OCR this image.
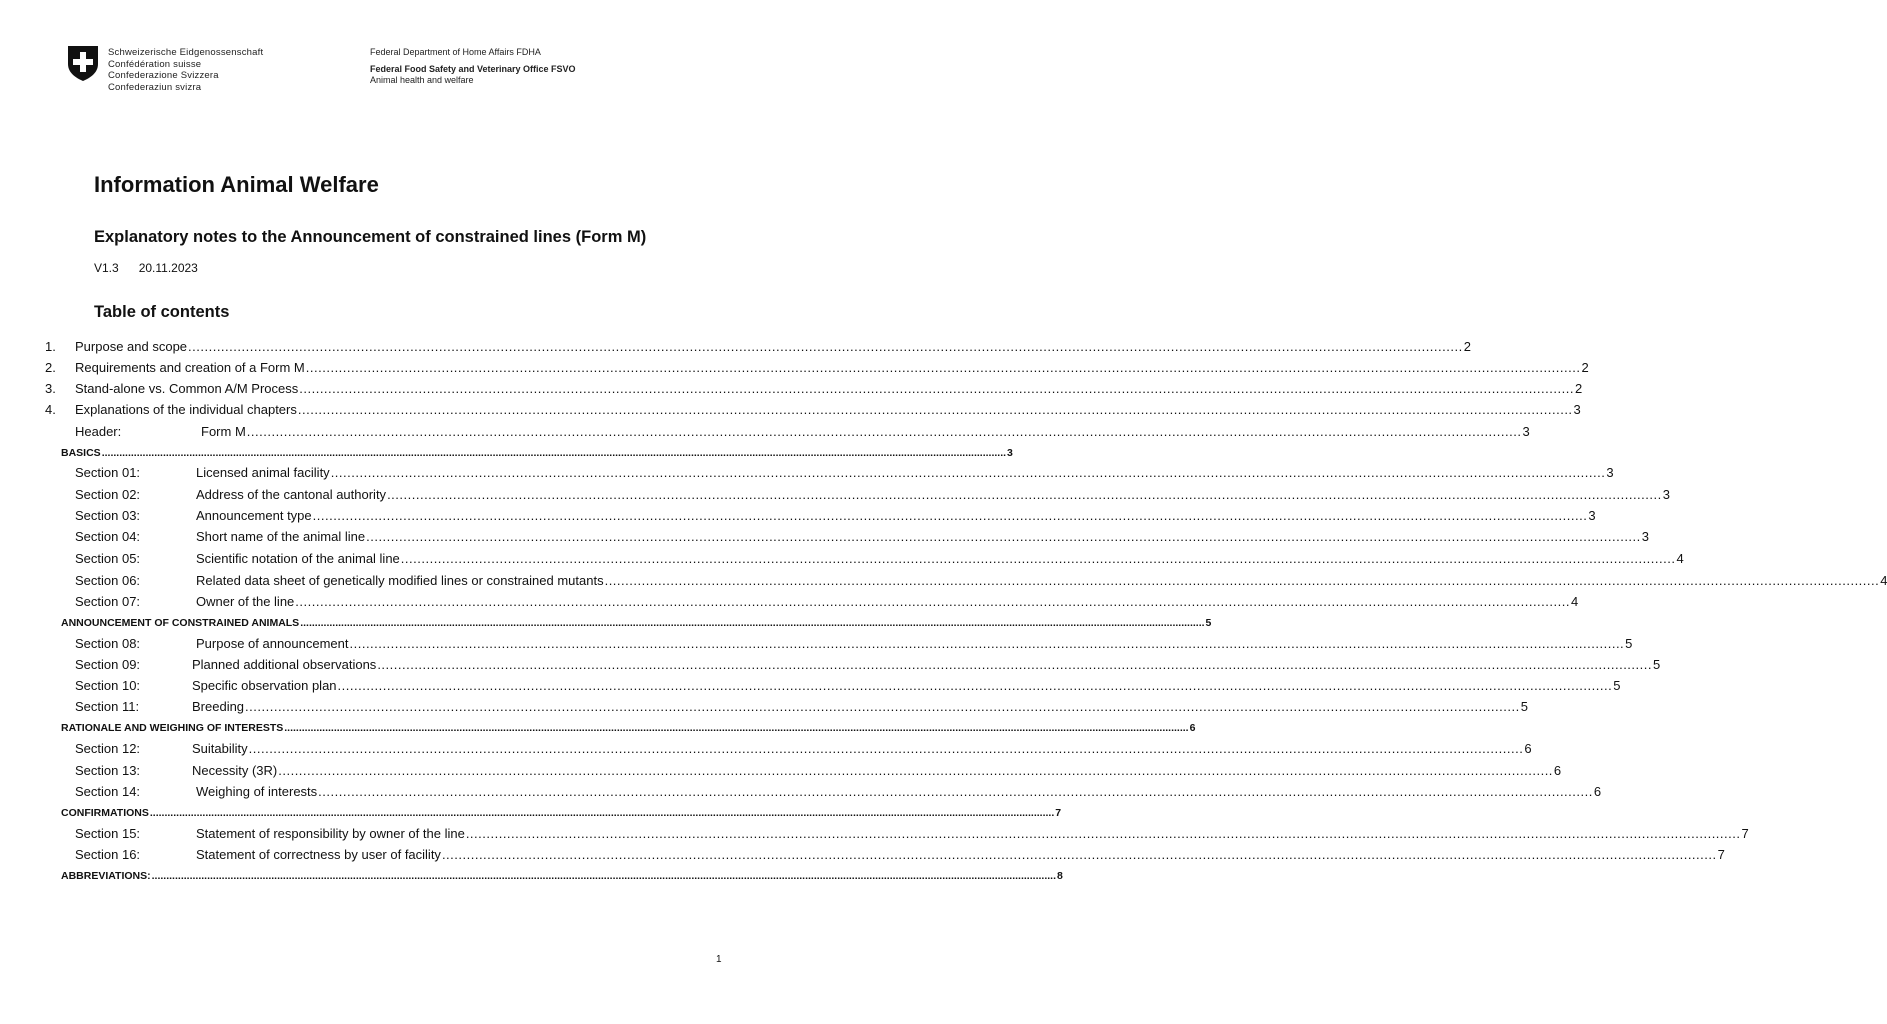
Schweizerische Eidgenossenschaft
Confédération suisse
Confederazione Svizzera
Confederaziun svizra
Federal Department of Home Affairs FDHA
Federal Food Safety and Veterinary Office FSVO
Animal health and welfare
Information Animal Welfare
Explanatory notes to the Announcement of constrained lines (Form M)
V1.3 20.11.2023
Table of contents
1. Purpose and scope .....	2
2. Requirements and creation of a Form M .....	2
3. Stand-alone vs. Common A/M Process .....	2
4. Explanations of the individual chapters .....	3
Header:	Form M .....	3
BASICS .....	3
Section 01:	Licensed animal facility .....	3
Section 02:	Address of the cantonal authority .....	3
Section 03:	Announcement type .....	3
Section 04:	Short name of the animal line .....	3
Section 05:	Scientific notation of the animal line .....	4
Section 06:	Related data sheet of genetically modified lines or constrained mutants .....	4
Section 07:	Owner of the line .....	4
ANNOUNCEMENT OF CONSTRAINED ANIMALS .....	5
Section 08:	Purpose of announcement .....	5
Section 09:	Planned additional observations .....	5
Section 10:	Specific observation plan .....	5
Section 11:	Breeding .....	5
RATIONALE AND WEIGHING OF INTERESTS .....	6
Section 12:	Suitability .....	6
Section 13:	Necessity (3R) .....	6
Section 14:	Weighing of interests .....	6
CONFIRMATIONS .....	7
Section 15:	Statement of responsibility by owner of the line .....	7
Section 16:	Statement of correctness by user of facility .....	7
ABBREVIATIONS: .....	8
1
